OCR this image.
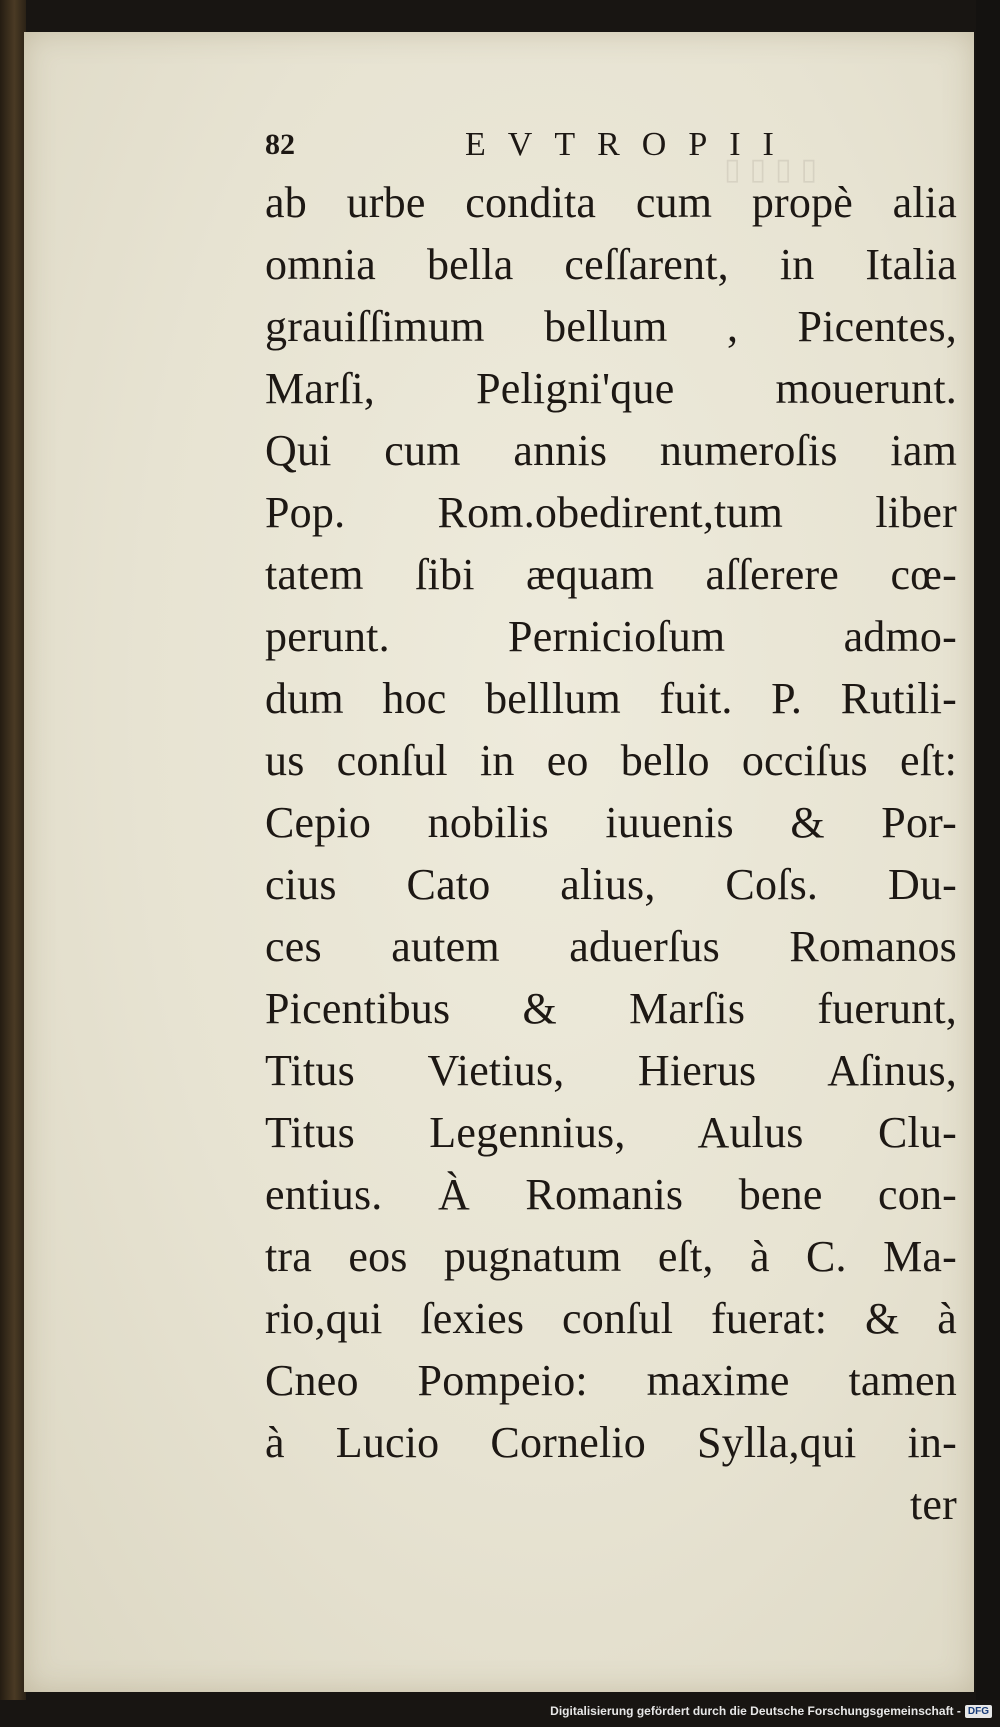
▯▯▯▯
82	EVTROPII
ab urbe condita cum propè alia
omnia bella ceſſarent, in Italia
grauiſſimum bellum , Picentes,
Marſi, Peligni'que mouerunt.
Qui cum annis numeroſis iam
Pop. Rom.obedirent,tum liber
tatem ſibi æquam aſſerere cœ-
perunt. Pernicioſum admo-
dum hoc belllum fuit. P. Rutili-
us conſul in eo bello occiſus eſt:
Cepio nobilis iuuenis & Por-
cius Cato alius, Coſs. Du-
ces autem aduerſus Romanos
Picentibus & Marſis fuerunt,
Titus Vietius, Hierus Aſinus,
Titus Legennius, Aulus Clu-
entius. À Romanis bene con-
tra eos pugnatum eſt, à C. Ma-
rio,qui ſexies conſul fuerat: & à
Cneo Pompeio: maxime tamen
à Lucio Cornelio Sylla,qui in-
ter
Digitalisierung gefördert durch die Deutsche Forschungsgemeinschaft - DFG
